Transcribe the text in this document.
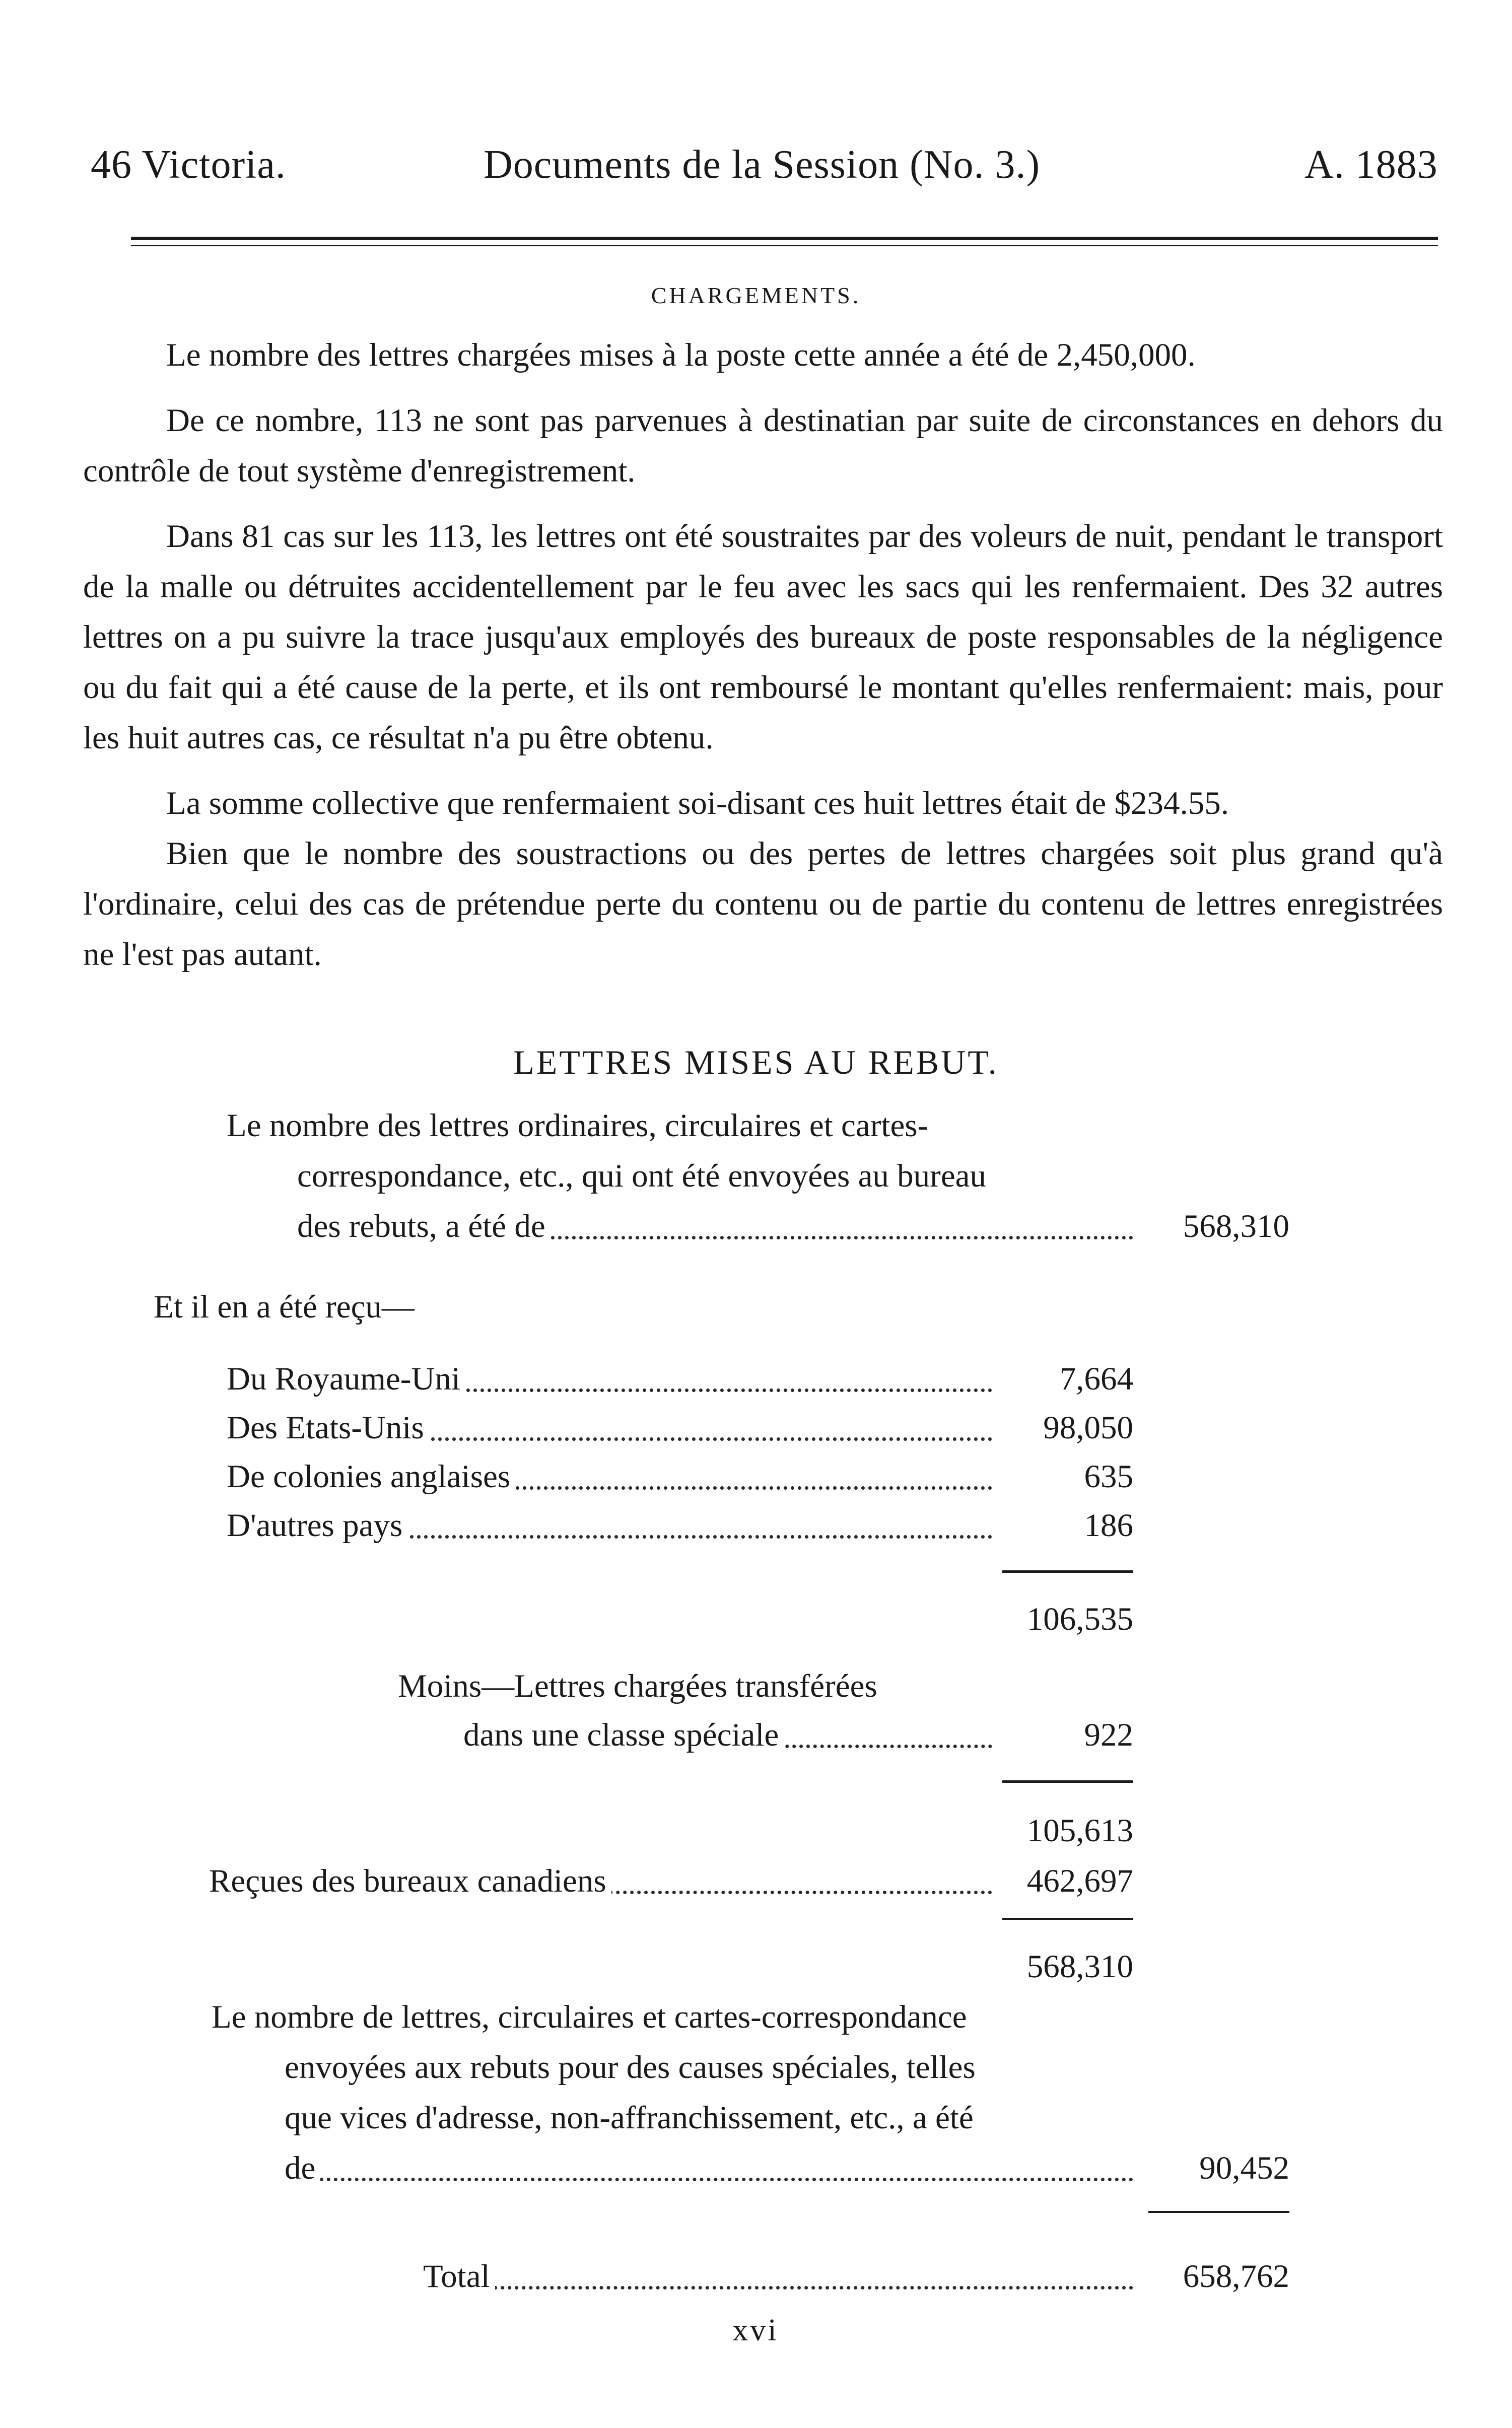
46 Victoria.	Documents de la Session (No. 3.)	A. 1883
CHARGEMENTS.

Le nombre des lettres chargées mises à la poste cette année a été de 2,450,000.

De ce nombre, 113 ne sont pas parvenues à destinatian par suite de circonstances en dehors du contrôle de tout système d'enregistrement.

Dans 81 cas sur les 113, les lettres ont été soustraites par des voleurs de nuit, pendant le transport de la malle ou détruites accidentellement par le feu avec les sacs qui les renfermaient. Des 32 autres lettres on a pu suivre la trace jusqu'aux employés des bureaux de poste responsables de la négligence ou du fait qui a été cause de la perte, et ils ont remboursé le montant qu'elles renfermaient: mais, pour les huit autres cas, ce résultat n'a pu être obtenu.

La somme collective que renfermaient soi-disant ces huit lettres était de $234.55.

Bien que le nombre des soustractions ou des pertes de lettres chargées soit plus grand qu'à l'ordinaire, celui des cas de prétendue perte du contenu ou de partie du contenu de lettres enregistrées ne l'est pas autant.

LETTRES MISES AU REBUT.
Le nombre des lettres ordinaires, circulaires et cartes-
correspondance, etc., qui ont été envoyées au bureau
des rebuts, a été de	568,310
Et il en a été reçu—
Du Royaume-Uni	7,664
Des Etats-Unis	98,050
De colonies anglaises	635
D'autres pays	186
106,535
Moins—Lettres chargées transférées
dans une classe spéciale	922
105,613
Reçues des bureaux canadiens	462,697
568,310
Le nombre de lettres, circulaires et cartes-correspondance
envoyées aux rebuts pour des causes spéciales, telles
que vices d'adresse, non-affranchissement, etc., a été
de	90,452
Total	658,762
xvi
